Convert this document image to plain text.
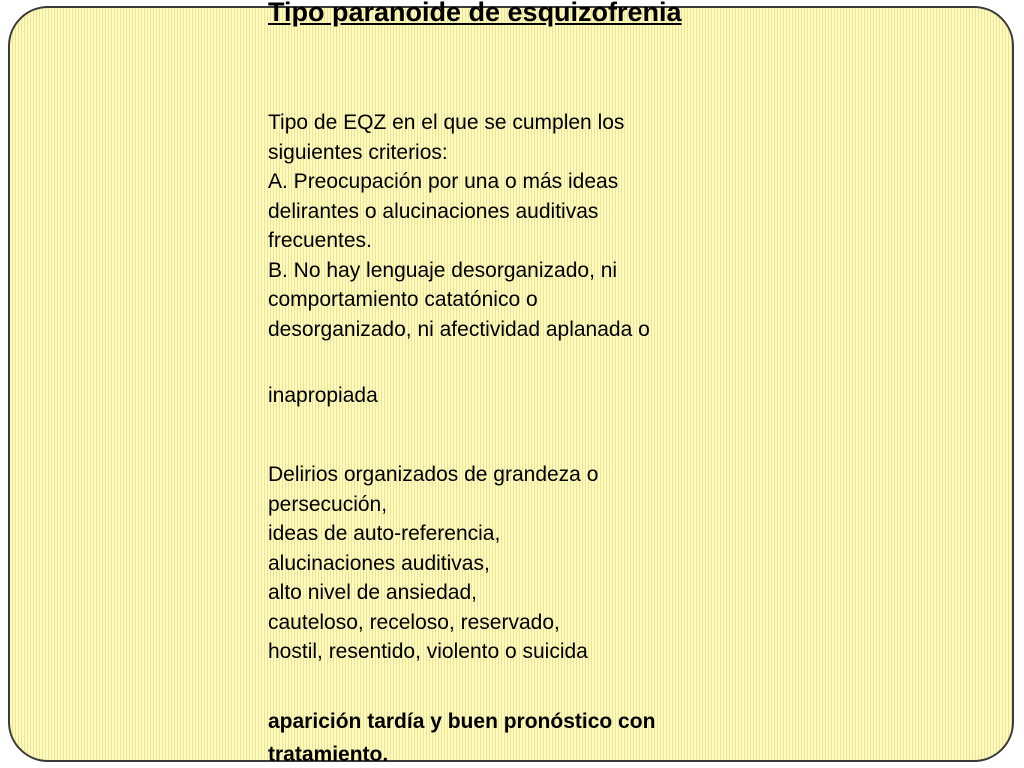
Tipo paranoide de esquizofrenia
Tipo de EQZ en el que se cumplen los
siguientes criterios:
A. Preocupación por una o más ideas
delirantes o alucinaciones auditivas
frecuentes.
B. No hay lenguaje desorganizado, ni
comportamiento catatónico o
desorganizado, ni afectividad aplanada o
inapropiada
Delirios organizados de grandeza o
persecución,
ideas de auto-referencia,
alucinaciones auditivas,
alto nivel de ansiedad,
cauteloso, receloso, reservado,
hostil, resentido, violento o suicida
aparición tardía y buen pronóstico con
tratamiento.
